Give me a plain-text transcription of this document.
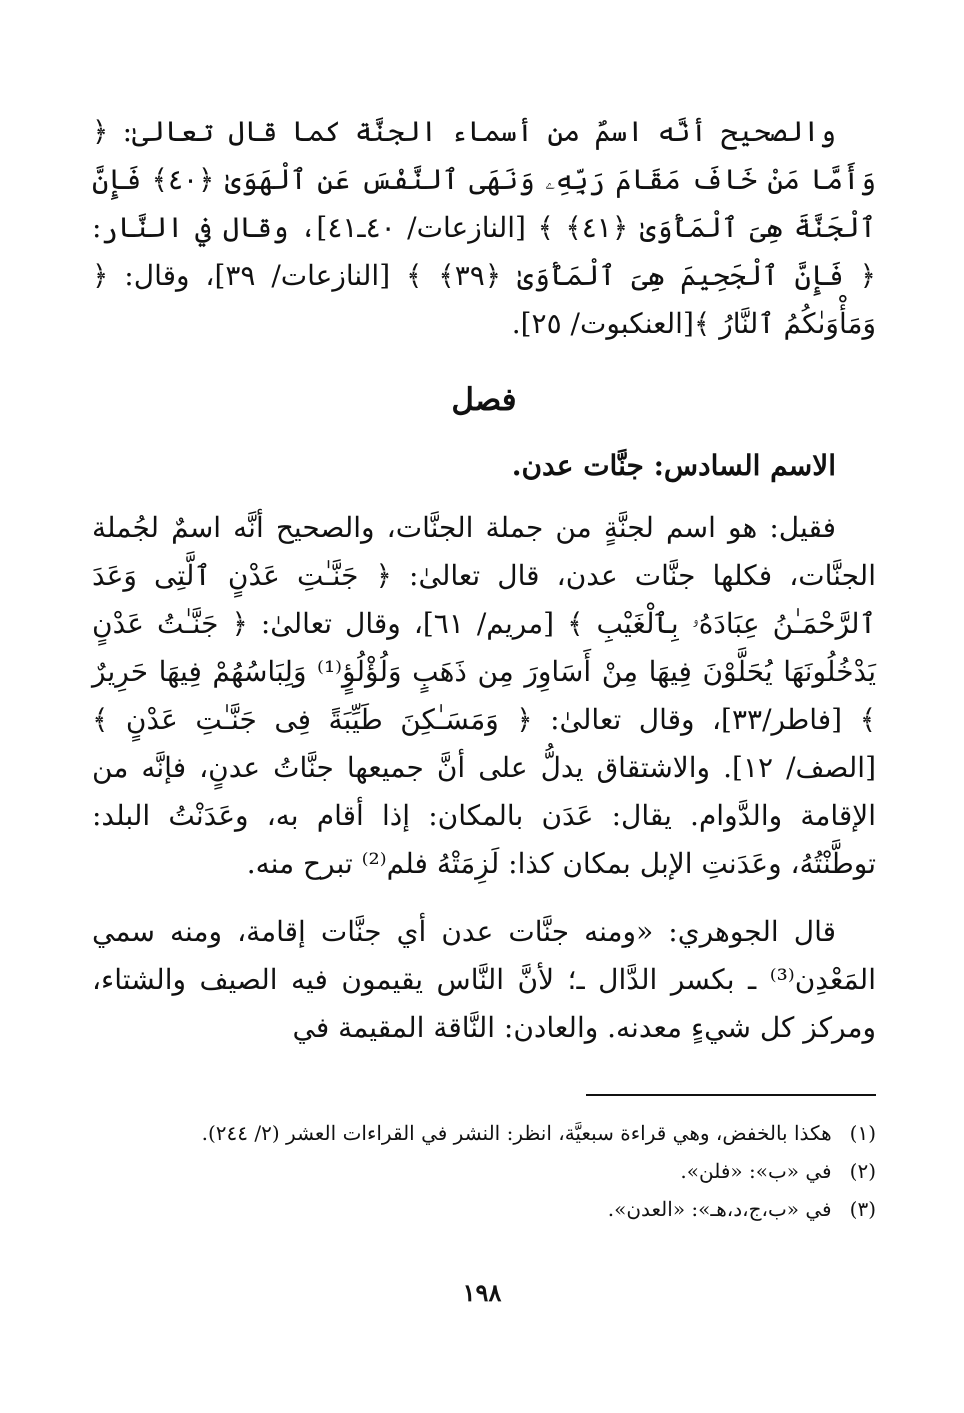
والصحيح أنَّه اسمٌ من أسماء الجنَّة كما قال تعالىٰ: ﴿ وَأَمَّا مَنْ خَافَ مَقَامَ رَبِّهِۦ وَنَهَى ٱلنَّفْسَ عَنِ ٱلْهَوَىٰ ﴿٤٠﴾ فَإِنَّ ٱلْجَنَّةَ هِىَ ٱلْمَأْوَىٰ ﴿٤١﴾ ﴾ [النازعات/ ٤٠ـ٤١]، وقال في النَّار: ﴿ فَإِنَّ ٱلْجَحِيمَ هِىَ ٱلْمَأْوَىٰ ﴿٣٩﴾ ﴾ [النازعات/ ٣٩]، وقال: ﴿ وَمَأْوَىٰكُمُ ٱلنَّارُ ﴾[العنكبوت/ ٢٥].

فصل
الاسم السادس: جنَّات عدن.

فقيل: هو اسم لجنَّةٍ من جملة الجنَّات، والصحيح أنَّه اسمٌ لجُملة الجنَّات، فكلها جنَّات عدن، قال تعالىٰ: ﴿ جَنَّـٰتِ عَدْنٍ ٱلَّتِى وَعَدَ ٱلرَّحْمَـٰنُ عِبَادَهُۥ بِٱلْغَيْبِ ﴾ [مريم/ ٦١]، وقال تعالىٰ: ﴿ جَنَّـٰتُ عَدْنٍ يَدْخُلُونَهَا يُحَلَّوْنَ فِيهَا مِنْ أَسَاوِرَ مِن ذَهَبٍ وَلُؤْلُؤٍ⁽¹⁾ وَلِبَاسُهُمْ فِيهَا حَرِيرٌ ﴾ [فاطر/٣٣]، وقال تعالىٰ: ﴿ وَمَسَـٰكِنَ طَيِّبَةً فِى جَنَّـٰتِ عَدْنٍ ﴾ [الصف/ ١٢]. والاشتقاق يدلُّ على أنَّ جميعها جنَّاتُ عدنٍ، فإنَّه من الإقامة والدَّوام. يقال: عَدَن بالمكان: إذا أقام به، وعَدَنْتُ البلد: توطَّنْتُهُ، وعَدَنتِ الإبل بمكان كذا: لَزِمَتْهُ فلم⁽²⁾ تبرح منه.

قال الجوهري: «ومنه جنَّات عدن أي جنَّات إقامة، ومنه سمي المَعْدِن⁽³⁾ ـ بكسر الدَّال ـ؛ لأنَّ النَّاس يقيمون فيه الصيف والشتاء، ومركز كل شيءٍ معدنه. والعادن: النَّاقة المقيمة في

(١)
هكذا بالخفض، وهي قراءة سبعيَّة، انظر: النشر في القراءات العشر (٢/ ٢٤٤).
(٢)
في «ب»: «فلن».
(٣)
في «ب،ج،د،هـ»: «العدن».
١٩٨
